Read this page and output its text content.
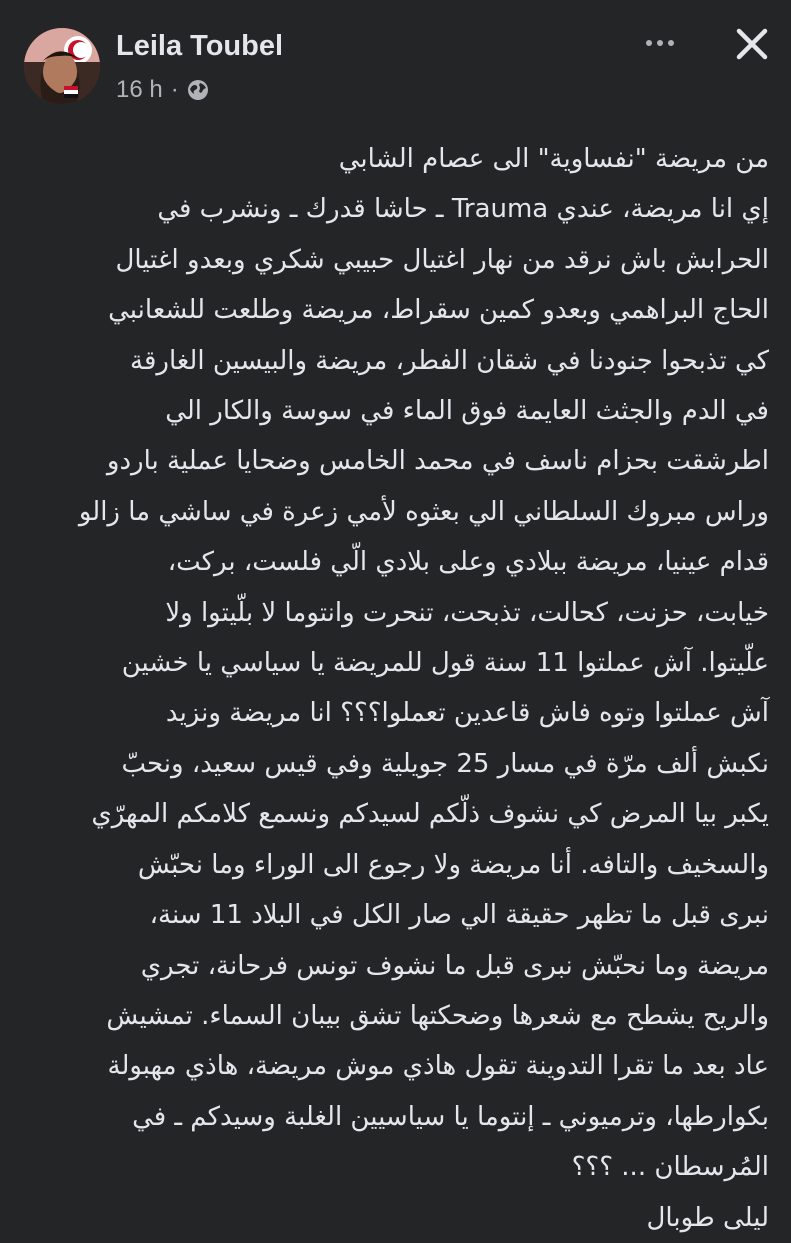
Leila Toubel
16 h ·
من مريضة "نفساوية" الى عصام الشابي
إي انا مريضة، عندي Trauma ـ حاشا قدرك ـ ونشرب في
الحرابش باش نرقد من نهار اغتيال حبيبي شكري وبعدو اغتيال
الحاج البراهمي وبعدو كمين سقراط، مريضة وطلعت للشعانبي
كي تذبحوا جنودنا في شقان الفطر، مريضة والبيسين الغارقة
في الدم والجثث العايمة فوق الماء في سوسة والكار الي
اطرشقت بحزام ناسف في محمد الخامس وضحايا عملية باردو
وراس مبروك السلطاني الي بعثوه لأمي زعرة في ساشي ما زالو
قدام عينيا، مريضة ببلادي وعلى بلادي الّي فلست، بركت،
خيابت، حزنت، كحالت، تذبحت، تنحرت وانتوما لا بلّيتوا ولا
علّيتوا. آش عملتوا 11 سنة قول للمريضة يا سياسي يا خشين
آش عملتوا وتوه فاش قاعدين تعملوا؟؟؟ انا مريضة ونزيد
نكبش ألف مرّة في مسار 25 جويلية وفي قيس سعيد، ونحبّ
يكبر بيا المرض كي نشوف ذلّكم لسيدكم ونسمع كلامكم المهرّي
والسخيف والتافه. أنا مريضة ولا رجوع الى الوراء وما نحبّش
نبرى قبل ما تظهر حقيقة الي صار الكل في البلاد 11 سنة،
مريضة وما نحبّش نبرى قبل ما نشوف تونس فرحانة، تجري
والريح يشطح مع شعرها وضحكتها تشق بيبان السماء. تمشيش
عاد بعد ما تقرا التدوينة تقول هاذي موش مريضة، هاذي مهبولة
بكوارطها، وترميوني ـ إنتوما يا سياسيين الغلبة وسيدكم ـ في
المُرسطان ... ؟؟؟
ليلى طوبال
